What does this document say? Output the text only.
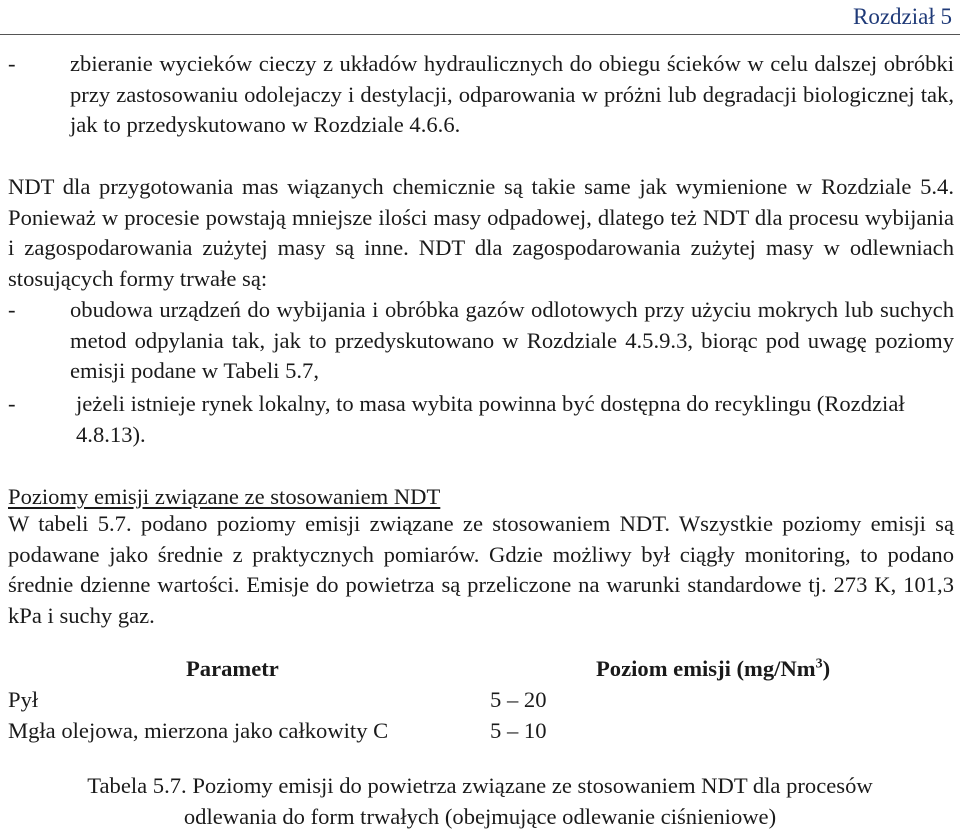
Rozdział 5
- zbieranie wycieków cieczy z układów hydraulicznych do obiegu ścieków w celu dalszej obróbki przy zastosowaniu odolejaczy i destylacji, odparowania w próżni lub degradacji biologicznej tak, jak to przedyskutowano w Rozdziale 4.6.6.
NDT dla przygotowania mas wiązanych chemicznie są takie same jak wymienione w Rozdziale 5.4. Ponieważ w procesie powstają mniejsze ilości masy odpadowej, dlatego też NDT dla procesu wybijania i zagospodarowania zużytej masy są inne. NDT dla zagospodarowania zużytej masy w odlewniach stosujących formy trwałe są:
- obudowa urządzeń do wybijania i obróbka gazów odlotowych przy użyciu mokrych lub suchych metod odpylania tak, jak to przedyskutowano w Rozdziale 4.5.9.3, biorąc pod uwagę poziomy emisji podane w Tabeli 5.7,
-	jeżeli istnieje rynek lokalny, to masa wybita powinna być dostępna do recyklingu (Rozdział 4.8.13).
Poziomy emisji związane ze stosowaniem NDT
W tabeli 5.7. podano poziomy emisji związane ze stosowaniem NDT. Wszystkie poziomy emisji są podawane jako średnie z praktycznych pomiarów. Gdzie możliwy był ciągły monitoring, to podano średnie dzienne wartości. Emisje do powietrza są przeliczone na warunki standardowe tj. 273 K, 101,3 kPa i suchy gaz.
Parametr	Poziom emisji (mg/Nm$^3$)
Pył	5 – 20
Mgła olejowa, mierzona jako całkowity C	5 – 10
Tabela 5.7. Poziomy emisji do powietrza związane ze stosowaniem NDT dla procesów
odlewania do form trwałych (obejmujące odlewanie ciśnieniowe)
